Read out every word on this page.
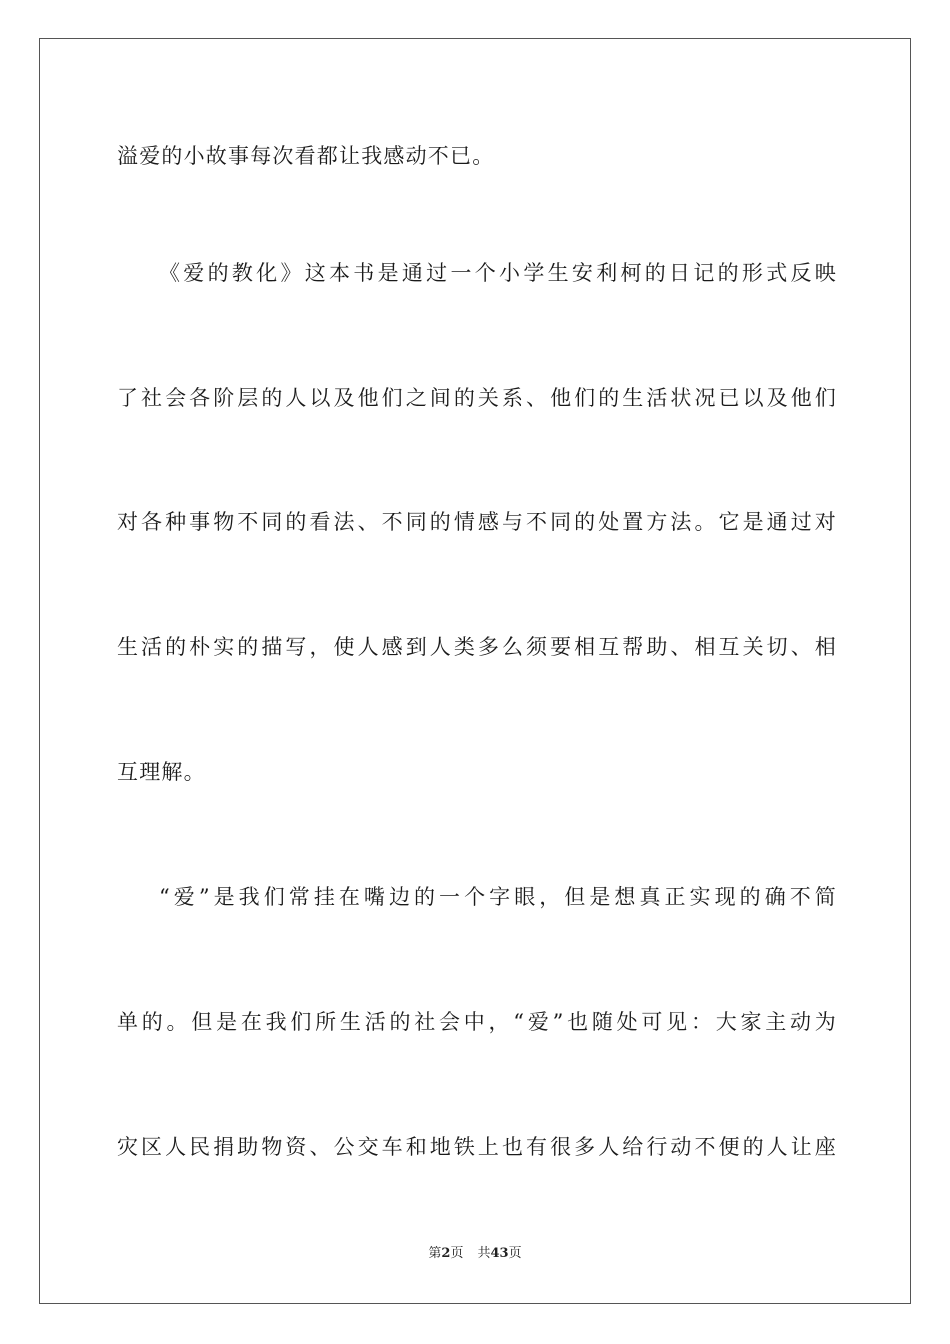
溢爱的小故事每次看都让我感动不已。
《爱的教化》这本书是通过一个小学生安利柯的日记的形式反映
了社会各阶层的人以及他们之间的关系、他们的生活状况已以及他们
对各种事物不同的看法、不同的情感与不同的处置方法。它是通过对
生活的朴实的描写，使人感到人类多么须要相互帮助、相互关切、相
互理解。
“爱”是我们常挂在嘴边的一个字眼，但是想真正实现的确不简
单的。但是在我们所生活的社会中，“爱”也随处可见：大家主动为
灾区人民捐助物资、公交车和地铁上也有很多人给行动不便的人让座
第2页 共43页
